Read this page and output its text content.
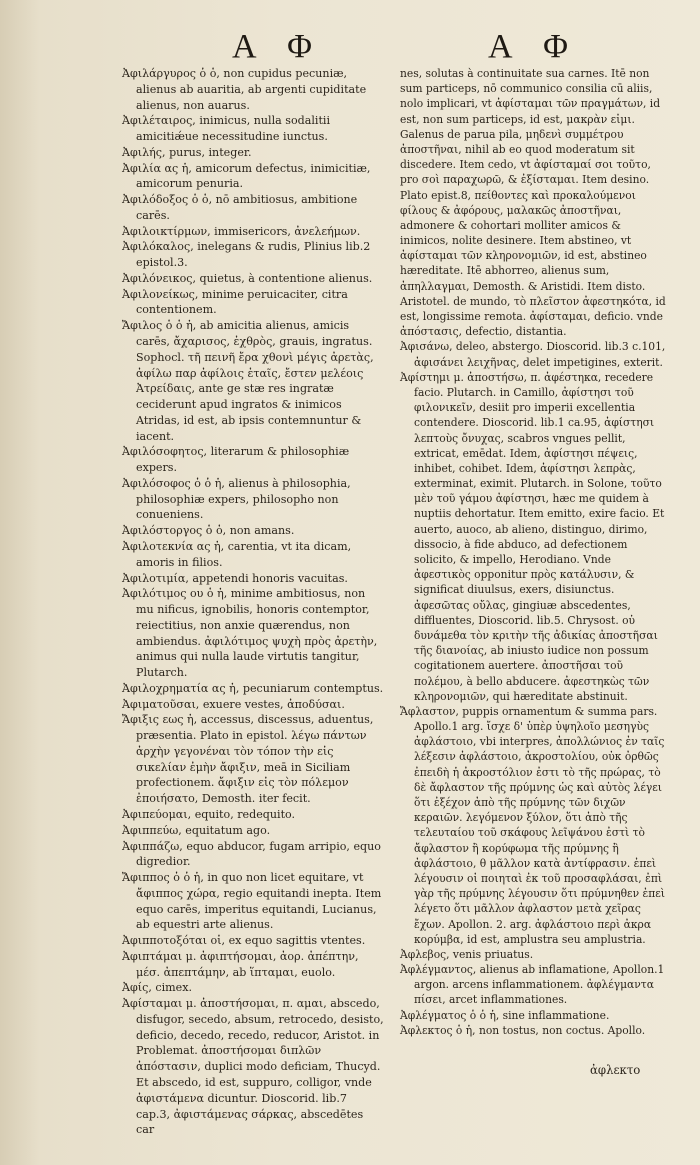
Α Φ	Α Φ

Ἀφιλάργυρος ὁ ὁ, non cupidus pecuniæ, alienus ab auaritia, ab argenti cupiditate alienus, non auarus.

Ἀφιλέταιρος, inimicus, nulla sodalitii amicitiǽue necessitudine iunctus.

Ἀφιλής, purus, integer.

Ἀφιλία ας ἡ, amicorum defectus, inimicitiæ, amicorum penuria.

Ἀφιλόδοξος ὁ ὁ, nō ambitiosus, ambitione carēs.

Ἀφιλοικτίρμων, immisericors, ἀνελεήμων.

Ἀφιλόκαλος, inelegans & rudis, Plinius lib.2 epistol.3.

Ἀφιλόνεικος, quietus, à contentione alienus.

Ἀφιλονείκως, minime peruicaciter, citra contentionem.

Ἄφιλος ὁ ὁ ἡ, ab amicitia alienus, amicis carēs, ἄχαρισος, ἐχθρὸς, grauis, ingratus. Sophocl. τῆ πεινῆ ἔρα χθονὶ μέγις ἀρετὰς, ἀφίλω παρ ἀφίλοις ἑταῖς, ἔστεν μελέοις Ἀτρείδαις, ante ge stæ res ingratæ ceciderunt apud ingratos & inimicos Atridas, id est, ab ipsis contemnuntur & iacent.

Ἀφιλόσοφητος, literarum & philosophiæ expers.

Ἀφιλόσοφος ὁ ὁ ἡ, alienus à philosophia, philosophiæ expers, philosopho non conueniens.

Ἀφιλόστοργος ὁ ὁ, non amans.

Ἀφιλοτεκνία ας ἡ, carentia, vt ita dicam, amoris in filios.

Ἀφιλοτιμία, appetendi honoris vacuitas.

Ἀφιλότιμος ου ὁ ἡ, minime ambitiosus, non mu nificus, ignobilis, honoris contemptor, reiectitius, non anxie quærendus, non ambiendus. ἀφιλότιμος ψυχὴ πρὸς ἀρετὴν, animus qui nulla laude virtutis tangitur, Plutarch.

Ἀφιλοχρηματία ας ἡ, pecuniarum contemptus.

Ἀφιματοῦσαι, exuere vestes, ἀποδύσαι.

Ἄφιξις εως ἡ, accessus, discessus, aduentus, præsentia. Plato in epistol. λέγω πάντων ἀρχὴν γεγονέναι τὸν τόπον τὴν εἰς σικελίαν ἐμὴν ἄφιξιν, meā in Siciliam profectionem. ἄφιξιν εἰς τὸν πόλεμον ἐποιήσατο, Demosth. iter fecit.

Ἀφιπεύομαι, equito, redequito.

Ἀφιππεύω, equitatum ago.

Ἀφιππάζω, equo abducor, fugam arripio, equo digredior.

Ἄφιππος ὁ ὁ ἡ, in quo non licet equitare, vt ἄφιππος χώρα, regio equitandi inepta. Item equo carēs, imperitus equitandi, Lucianus, ab equestri arte alienus.

Ἀφιπποτοξόται οἱ, ex equo sagittis vtentes.

Ἀφιπτάμαι μ. ἀφιπτήσομαι, ἀορ. ἀπέπτην, μέσ. ἀπεπτάμην, ab ἵπταμαι, euolo.

Ἀφίς, cimex.

Ἀφίσταμαι μ. ἀποστήσομαι, π. αμαι, abscedo, disfugor, secedo, absum, retrocedo, desisto, deficio, decedo, recedo, reducor, Aristot. in Problemat. ἀποστήσομαι διπλῶν ἀπόστασιν, duplici modo deficiam, Thucyd. Et abscedo, id est, suppuro, colligor, vnde ἀφιστάμενα dicuntur. Dioscorid. lib.7 cap.3, ἀφιστάμενας σάρκας, abscedētes car

nes, solutas à continuitate sua carnes. Itē non sum particeps, nō communico consilia cū aliis, nolo implicari, vt ἀφίσταμαι τῶν πραγμάτων, id est, non sum particeps, id est, μακρὰν εἰμι. Galenus de parua pila, μηδενὶ συμμέτρου ἀποστῆναι, nihil ab eo quod moderatum sit discedere. Item cedo, vt ἀφίσταμαί σοι τοῦτο, pro σοὶ παραχωρῶ, & ἐξίσταμαι. Item desino. Plato epist.8, πείθοντες καὶ προκαλούμενοι φίλους & ἀφόρους, μαλακῶς ἀποστῆναι, admonere & cohortari molliter amicos & inimicos, nolite desinere. Item abstineo, vt ἀφίσταμαι τῶν κληρονομιῶν, id est, abstineo hæreditate. Itē abhorreo, alienus sum, ἀπηλλαγμαι, Demosth. & Aristidi. Item disto. Aristotel. de mundo, τὸ πλεῖστον ἀφεστηκότα, id est, longissime remota. ἀφίσταμαι, deficio. vnde ἀπόστασις, defectio, distantia.

Ἀφισάνω, deleo, abstergo. Dioscorid. lib.3 c.101, ἀφισάνει λειχῆνας, delet impetigines, exterit.

Ἀφίστημι μ. ἀποστήσω, π. ἀφέστηκα, recedere facio. Plutarch. in Camillo, ἀφίστησι τοῦ φιλονικεῖν, desiit pro imperii excellentia contendere. Dioscorid. lib.1 ca.95, ἀφίστησι λεπτοὺς ὄνυχας, scabros vngues pellit, extricat, emēdat. Idem, ἀφίστησι πέψεις, inhibet, cohibet. Idem, ἀφίστησι λεπρὰς, exterminat, eximit. Plutarch. in Solone, τοῦτο μὲν τοῦ γάμου ἀφίστησι, hæc me quidem à nuptiis dehortatur. Item emitto, exire facio. Et auerto, auoco, ab alieno, distinguo, dirimo, dissocio, à fide abduco, ad defectionem solicito, & impello, Herodiano. Vnde ἀφεστικὸς opponitur πρὸς κατάλυσιν, & significat diuulsus, exers, disiunctus. ἀφεσῶτας οὔλας, gingiuæ abscedentes, diffluentes, Dioscorid. lib.5. Chrysost. οὐ δυνάμεθα τὸν κριτὴν τῆς ἀδικίας ἀποστῆσαι τῆς διανοίας, ab iniusto iudice non possum cogitationem auertere. ἀποστῆσαι τοῦ πολέμου, à bello abducere. ἀφεστηκὼς τῶν κληρονομιῶν, qui hæreditate abstinuit.

Ἄφλαστον, puppis ornamentum & summa pars. Apollo.1 arg. ἴσχε δ' ὑπὲρ ὑψηλοῖο μεσηγὺς ἀφλάστοιο, vbi interpres, ἀπολλώνιος ἐν ταῖς λέξεσιν ἀφλάστοιο, ἀκροστολίου, οὐκ ὀρθῶς ἐπειδὴ ἡ ἀκροστόλιον ἐστι τὸ τῆς πρώρας, τὸ δὲ ἄφλαστον τῆς πρύμνης ὡς καὶ αὐτὸς λέγει ὅτι ἐξέχον ἀπὸ τῆς πρύμνης τῶν διχῶν κεραιῶν. λεγόμενον ξύλον, ὅτι ἀπὸ τῆς τελευταίου τοῦ σκάφους λεῖψάνου ἐστὶ τὸ ἄφλαστον ἢ κορύφωμα τῆς πρύμνης ἢ ἀφλάστοιο, θ μᾶλλον κατὰ ἀντίφρασιν. ἐπεὶ λέγουσιν οἱ ποιηταὶ ἐκ τοῦ προσαφλάσαι, ἐπὶ γὰρ τῆς πρύμνης λέγουσιν ὅτι πρύμνηθεν ἐπεὶ λέγετο ὅτι μᾶλλον ἀφλαστον μετὰ χεῖρας ἔχων. Apollon. 2. arg. ἀφλάστοιο περὶ ἀκρα κορύμβα, id est, amplustra seu amplustria.

Ἀφλεβος, venis priuatus.

Ἀφλέγμαντος, alienus ab inflamatione, Apollon.1 argon. arcens inflammationem. ἀφλέγμαντα πίσει, arcet inflammationes.

Ἀφλέγματος ὁ ὁ ἡ, sine inflammatione.

Ἀφλεκτος ὁ ἡ, non tostus, non coctus. Apollo.

ἀφλεκτο
